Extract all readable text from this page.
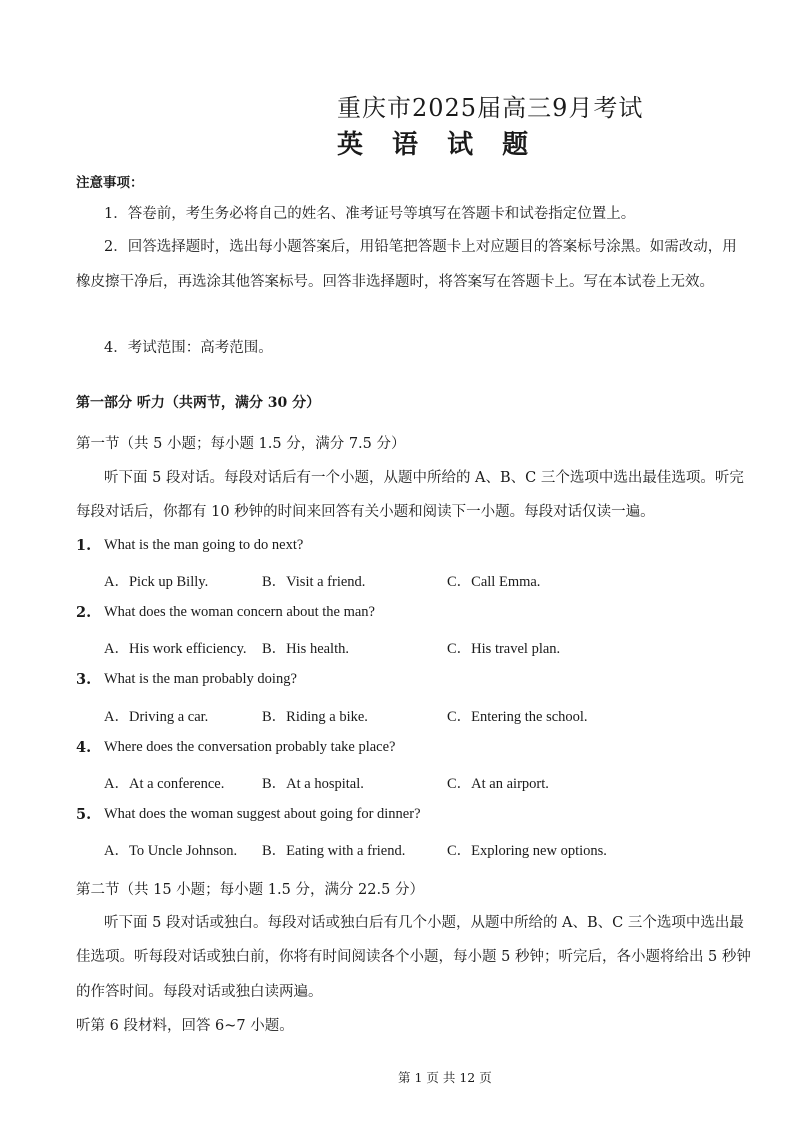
重庆市2025届高三9月考试
英 语 试 题
注意事项：
1．答卷前，考生务必将自己的姓名、准考证号等填写在答题卡和试卷指定位置上。
2．回答选择题时，选出每小题答案后，用铅笔把答题卡上对应题目的答案标号涂黑。如需改动，用
橡皮擦干净后，再选涂其他答案标号。回答非选择题时，将答案写在答题卡上。写在本试卷上无效。
4．考试范围：高考范围。
第一部分 听力（共两节，满分 30 分）
第一节（共 5 小题；每小题 1.5 分，满分 7.5 分）
听下面 5 段对话。每段对话后有一个小题，从题中所给的 A、B、C 三个选项中选出最佳选项。听完
每段对话后，你都有 10 秒钟的时间来回答有关小题和阅读下一小题。每段对话仅读一遍。
1. What is the man going to do next?
A．Pick up Billy.	B．Visit a friend.	C．Call Emma.
2. What does the woman concern about the man?
A．His work efficiency. B．His health.	C．His travel plan.
3. What is the man probably doing?
A．Driving a car.	B．Riding a bike.	C．Entering the school.
4. Where does the conversation probably take place?
A．At a conference.	B．At a hospital.	C．At an airport.
5. What does the woman suggest about going for dinner?
A．To Uncle Johnson. B．Eating with a friend.	C．Exploring new options.
第二节（共 15 小题；每小题 1.5 分，满分 22.5 分）
听下面 5 段对话或独白。每段对话或独白后有几个小题，从题中所给的 A、B、C 三个选项中选出最
佳选项。听每段对话或独白前，你将有时间阅读各个小题，每小题 5 秒钟；听完后，各小题将给出 5 秒钟
的作答时间。每段对话或独白读两遍。
听第 6 段材料，回答 6~7 小题。
第 1 页 共 12 页
